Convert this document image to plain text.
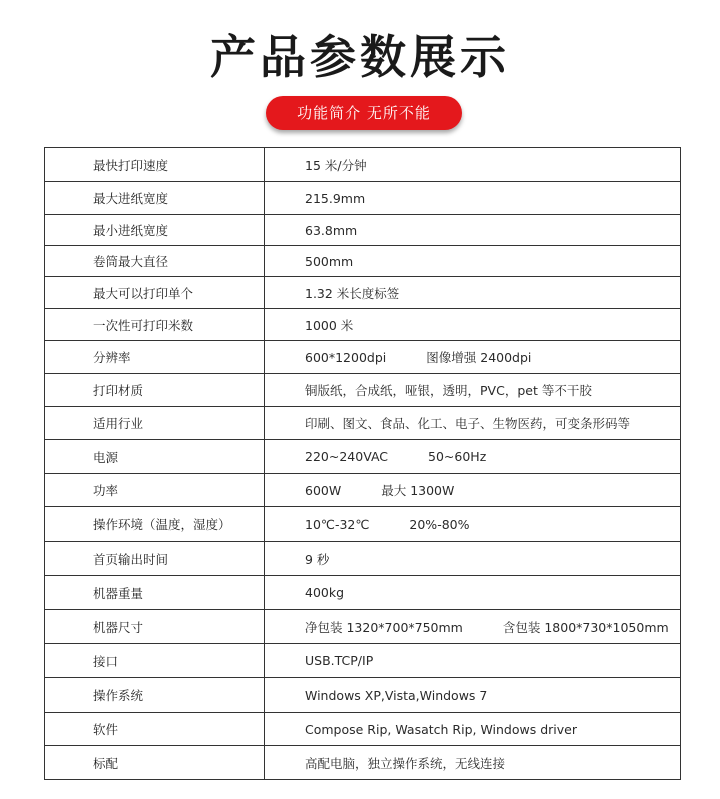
产品参数展示
功能简介 无所不能
最快打印速度	15 米/分钟
最大进纸宽度	215.9mm
最小进纸宽度	63.8mm
卷筒最大直径	500mm
最大可以打印单个	1.32 米长度标签
一次性可打印米数	1000 米
分辨率	600*1200dpi 图像增强 2400dpi
打印材质	铜版纸，合成纸，哑银，透明，PVC，pet 等不干胶
适用行业	印刷、图文、食品、化工、电子、生物医药，可变条形码等
电源	220~240VAC 50~60Hz
功率	600W 最大 1300W
操作环境（温度，湿度）	10℃-32℃ 20%-80%
首页输出时间	9 秒
机器重量	400kg
机器尺寸	净包装 1320*700*750mm 含包装 1800*730*1050mm
接口	USB.TCP/IP
操作系统	Windows XP,Vista,Windows 7
软件	Compose Rip, Wasatch Rip, Windows driver
标配	高配电脑，独立操作系统，无线连接
